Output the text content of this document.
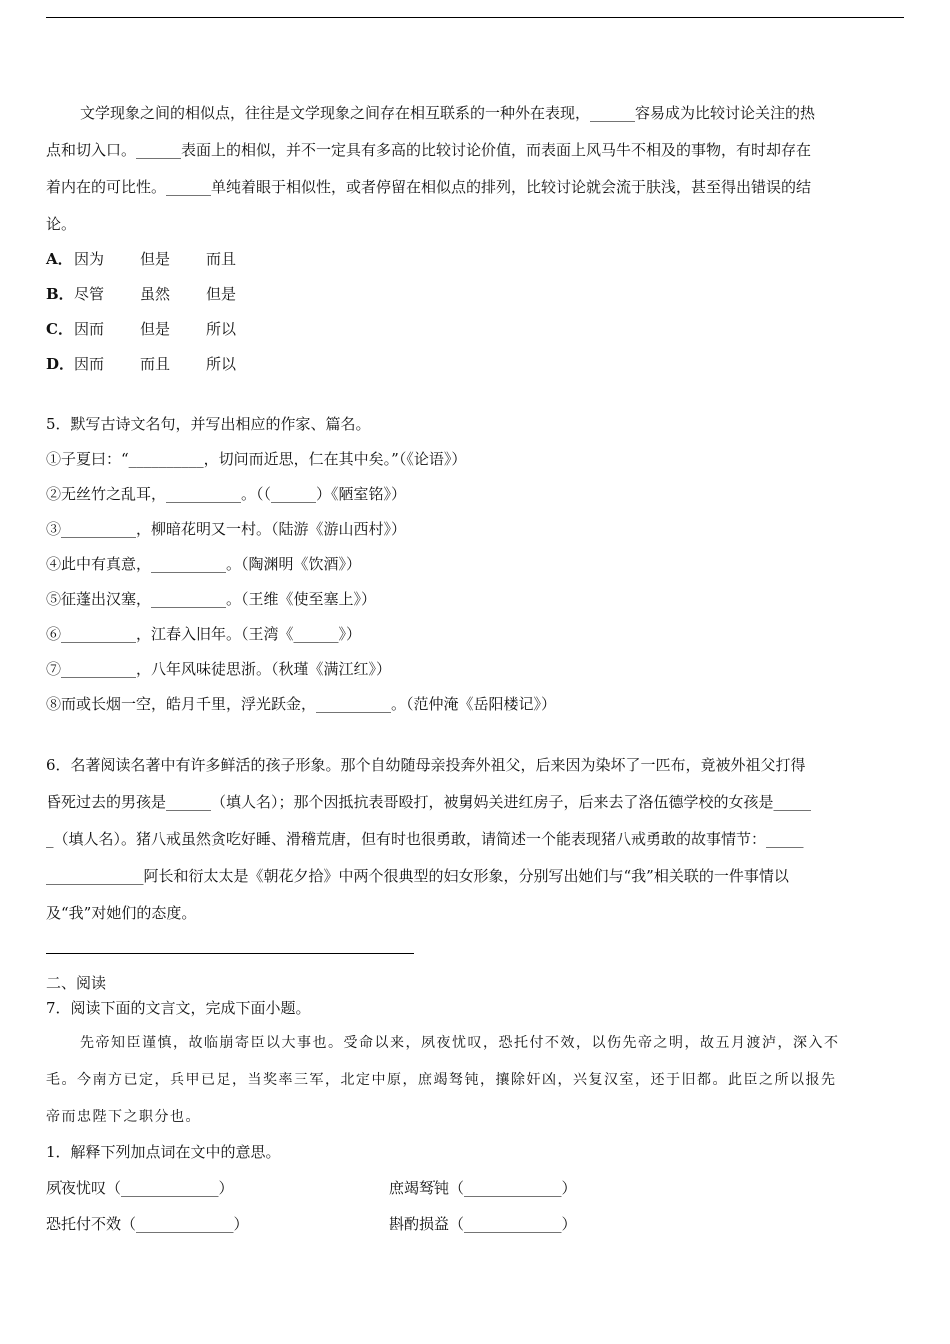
文学现象之间的相似点，往往是文学现象之间存在相互联系的一种外在表现，______容易成为比较讨论关注的热
点和切入口。______表面上的相似，并不一定具有多高的比较讨论价值，而表面上风马牛不相及的事物，有时却存在
着内在的可比性。______单纯着眼于相似性，或者停留在相似点的排列，比较讨论就会流于肤浅，甚至得出错误的结
论。
A．因为 但是 而且
B．尽管 虽然 但是
C．因而 但是 所以
D．因而 而且 所以
5．默写古诗文名句，并写出相应的作家、篇名。
①子夏曰：“__________，切问而近思，仁在其中矣。”（《论语》）
②无丝竹之乱耳，__________。（（______）《陋室铭》）
③__________，柳暗花明又一村。（陆游《游山西村》）
④此中有真意，__________。（陶渊明《饮酒》）
⑤征蓬出汉塞，__________。（王维《使至塞上》）
⑥__________，江春入旧年。（王湾《______》）
⑦__________，八年风味徒思浙。（秋瑾《满江红》）
⑧而或长烟一空，皓月千里，浮光跃金，__________。（范仲淹《岳阳楼记》）
6．名著阅读名著中有许多鲜活的孩子形象。那个自幼随母亲投奔外祖父，后来因为染坏了一匹布，竟被外祖父打得
昏死过去的男孩是______（填人名）；那个因抵抗表哥殴打，被舅妈关进红房子，后来去了洛伍德学校的女孩是_____
_（填人名）。猪八戒虽然贪吃好睡、滑稽荒唐，但有时也很勇敢，请简述一个能表现猪八戒勇敢的故事情节：_____
_____________阿长和衍太太是《朝花夕拾》中两个很典型的妇女形象，分别写出她们与“我”相关联的一件事情以
及“我”对她们的态度。
二、阅读
7．阅读下面的文言文，完成下面小题。
先帝知臣谨慎，故临崩寄臣以大事也。受命以来，夙夜忧叹，恐托付不效，以伤先帝之明，故五月渡泸，深入不
毛。今南方已定，兵甲已足，当奖率三军，北定中原，庶竭驽钝，攘除奸凶，兴复汉室，还于旧都。此臣之所以报先
帝而忠陛下之职分也。
1．解释下列加点词在文中的意思。
夙夜忧叹（_____________）	庶竭驽钝（_____________）
恐托付不效（_____________）	斟酌损益（_____________）
